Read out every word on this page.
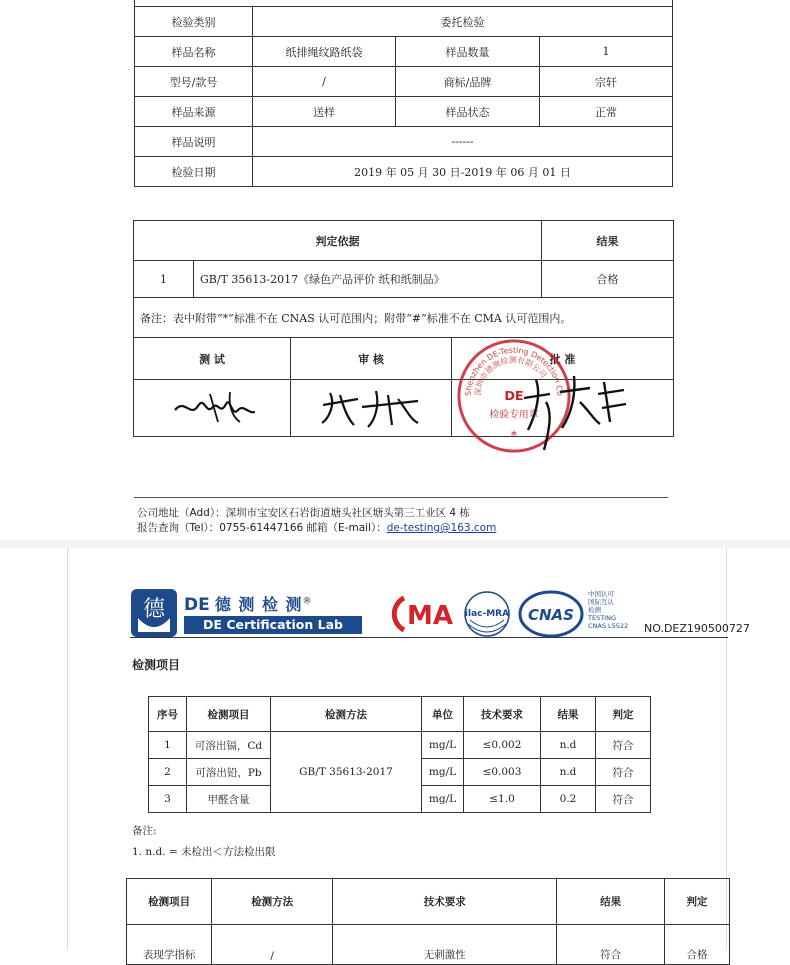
检验类别	委托检验		
样品名称	纸排绳纹路纸袋	样品数量	1
型号/款号	/	商标/品牌	宗轩
样品来源	送样	样品状态	正常
样品说明	------		
检验日期	2019 年 05 月 30 日-2019 年 06 月 01 日		
判定依据				结果
1	GB/T 35613-2017《绿色产品评价 纸和纸制品》			合格
备注：表中附带“*”标准不在 CNAS 认可范围内；附带“#”标准不在 CMA 认可范围内。				
测 试		审 核	批 准	

Shenzhen DE-Testing Detection Co
深圳市德测检测有限公司
DE
检验专用章
*
公司地址（Add）：深圳市宝安区石岩街道塘头社区塘头第三工业区 4 栋
报告查询（Tel）：0755-61447166 邮箱（E-mail）：de-testing@163.com
德 DE 德 测 检 测®
DE Certification Lab	MA ilac-MRA CNAS
中国认可
国际互认
检测
TESTING
CNAS L5522 NO.DEZ190500727
检测项目
序号	检测项目	检测方法	单位	技术要求	结果	判定
1	可溶出镉，Cd	GB/T 35613-2017	mg/L	≤0.002	n.d	符合
2	可溶出铅，Pb		mg/L	≤0.003	n.d	符合
3	甲醛含量		mg/L	≤1.0	0.2	符合
备注:
1. n.d. = 未检出＜方法检出限
检测项目	检测方法	技术要求	结果	判定
表现学指标	/	无刺激性	符合	合格
